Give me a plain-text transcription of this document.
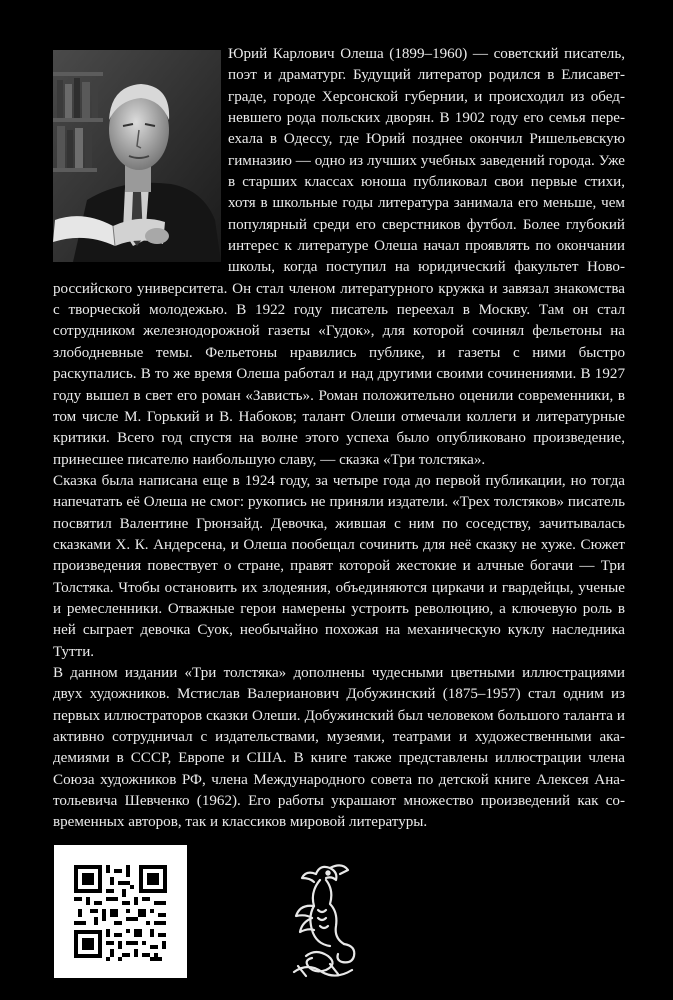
Юрий Карлович Олеша (1899–1960) — советский писатель, поэт и драматург. Будущий литератор родился в Елисаветграде, городе Херсонской губернии, и происходил из обедневшего рода польских дворян. В 1902 году его семья переехала в Одессу, где Юрий позднее окончил Ришельевскую гимназию — одно из лучших учебных заведений города. Уже в старших классах юноша публиковал свои первые стихи, хотя в школьные годы литература занимала его меньше, чем популярный среди его сверстников футбол. Более глубокий интерес к литературе Олеша начал проявлять по окончании школы, когда поступил на юридический факультет Новороссийского университета. Он стал членом литературного кружка и завязал знакомства с творческой молодежью. В 1922 году писатель переехал в Москву. Там он стал сотрудником железнодорожной газеты «Гудок», для которой сочинял фельетоны на злободневные темы. Фельетоны нравились публике, и газеты с ними быстро раскупались. В то же время Олеша работал и над другими своими сочинениями. В 1927 году вышел в свет его роман «Зависть». Роман положительно оценили современники, в том числе М. Горький и В. Набоков; талант Олеши отмечали коллеги и литературные критики. Всего год спустя на волне этого успеха было опубликовано произведение, принесшее писателю наибольшую славу, — сказка «Три толстяка».

Сказка была написана еще в 1924 году, за четыре года до первой публикации, но тогда напечатать её Олеша не смог: рукопись не приняли издатели. «Трех толстяков» писатель посвятил Валентине Грюнзайд. Девочка, жившая с ним по соседству, зачитывалась сказками Х. К. Андерсена, и Олеша пообещал сочинить для неё сказку не хуже. Сюжет произведения повествует о стране, правят которой жестокие и алчные богачи — Три Толстяка. Чтобы остановить их злодеяния, объединяются циркачи и гвардейцы, ученые и ремесленники. Отважные герои намерены устроить революцию, а ключевую роль в ней сыграет девочка Суок, необычайно похожая на механическую куклу наследника Тутти.

В данном издании «Три толстяка» дополнены чудесными цветными иллюстрациями двух художников. Мстислав Валерианович Добужинский (1875–1957) стал одним из первых иллюстраторов сказки Олеши. Добужинский был человеком большого таланта и активно сотрудничал с издательствами, музеями, театрами и художественными академиями в СССР, Европе и США. В книге также представлены иллюстрации члена Союза художников РФ, члена Международного совета по детской книге Алексея Анатольевича Шевченко (1962). Его работы украшают множество произведений как современных авторов, так и классиков мировой литературы.
